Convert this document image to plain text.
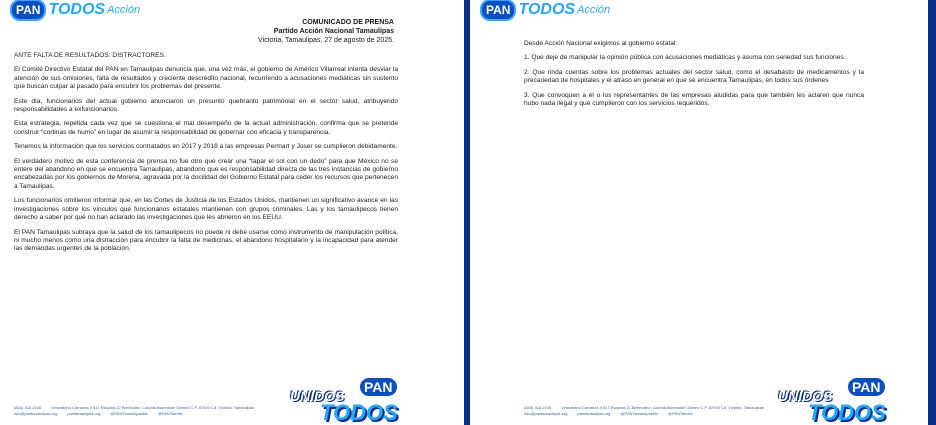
PAN TODOS Acción
COMUNICADO DE PRENSA
Partido Acción Nacional Tamaulipas
Victoria, Tamaulipas, 27 de agosto de 2025.

ANTE FALTA DE RESULTADOS: DISTRACTORES.

El Comité Directivo Estatal del PAN en Tamaulipas denuncia que, una vez más, el gobierno de Américo Villarreal intenta desviar la atención de sus omisiones, falta de resultados y creciente descrédito nacional, recurriendo a acusaciones mediáticas sin sustento que buscan culpar al pasado para encubrir los problemas del presente.

Este día, funcionarios del actual gobierno anunciaron un presunto quebranto patrimonial en el sector salud, atribuyendo responsabilidades a exfuncionarios.

Esta estrategia, repetida cada vez que se cuestiona el mal desempeño de la actual administración, confirma que se pretende construir “cortinas de humo” en lugar de asumir la responsabilidad de gobernar con eficacia y transparencia.

Tenemos la información que los servicios contratados en 2017 y 2018 a las empresas Permart y Joser se cumplieron debidamente.

El verdadero motivo de esta conferencia de prensa no fue otro que crear una “tapar el sol con un dedo” para que México no se entere del abandono en que se encuentra Tamaulipas, abandono que es responsabilidad directa de las tres instancias de gobierno encabezadas por los gobiernos de Morena, agravada por la docilidad del Gobierno Estatal para ceder los recursos que pertenecen a Tamaulipas.

Los funcionarios omitieron informar que, en las Cortes de Justicia de los Estados Unidos, mantienen un significativo avance en las investigaciones sobre los vínculos que funcionarios estatales mantienen con grupos criminales. Las y los tamaulipecos tienen derecho a saber por qué no han aclarado las investigaciones que les abrieron en los EEUU.

El PAN Tamaulipas subraya que la salud de los tamaulipecos no puede ni debe usarse como instrumento de manipulación política, ni mucho menos como una distracción para encubrir la falta de medicinas, el abandono hospitalario y la incapacidad para atender las demandas urgentes de la población.

(834) 318 2100	Venustiano Carranza # 517 Esquina 22 Bermúdez, Colonia Ascensión Gómez C.P. 87000 Cd. Victoria, Tamaulipas
info@pantamaulipas.org	pantamaulipas.org	@PANTamaulipasMx	@PANTamMx
UNIDOS
PAN
TODOS
PAN TODOS Acción

Desde Acción Nacional exigimos al gobierno estatal:

1. Que deje de manipular la opinión pública con acusaciones mediáticas y asuma con seriedad sus funciones.

2. Que rinda cuentas sobre los problemas actuales del sector salud, como el desabasto de medicamentos y la precariedad de hospitales y el atraso en general en que se encuentra Tamaulipas, en todos sus órdenes

3. Que convoquen a él o los representantes de las empresas aludidas para que también les aclaren que nunca hubo nada ilegal y que cumplieron con los servicios requeridos.

(834) 318 2100	Venustiano Carranza # 517 Esquina 22 Bermúdez, Colonia Ascensión Gómez C.P. 87000 Cd. Victoria, Tamaulipas
info@pantamaulipas.org	pantamaulipas.org	@PANTamaulipasMx	@PANTamMx
UNIDOS
PAN
TODOS
